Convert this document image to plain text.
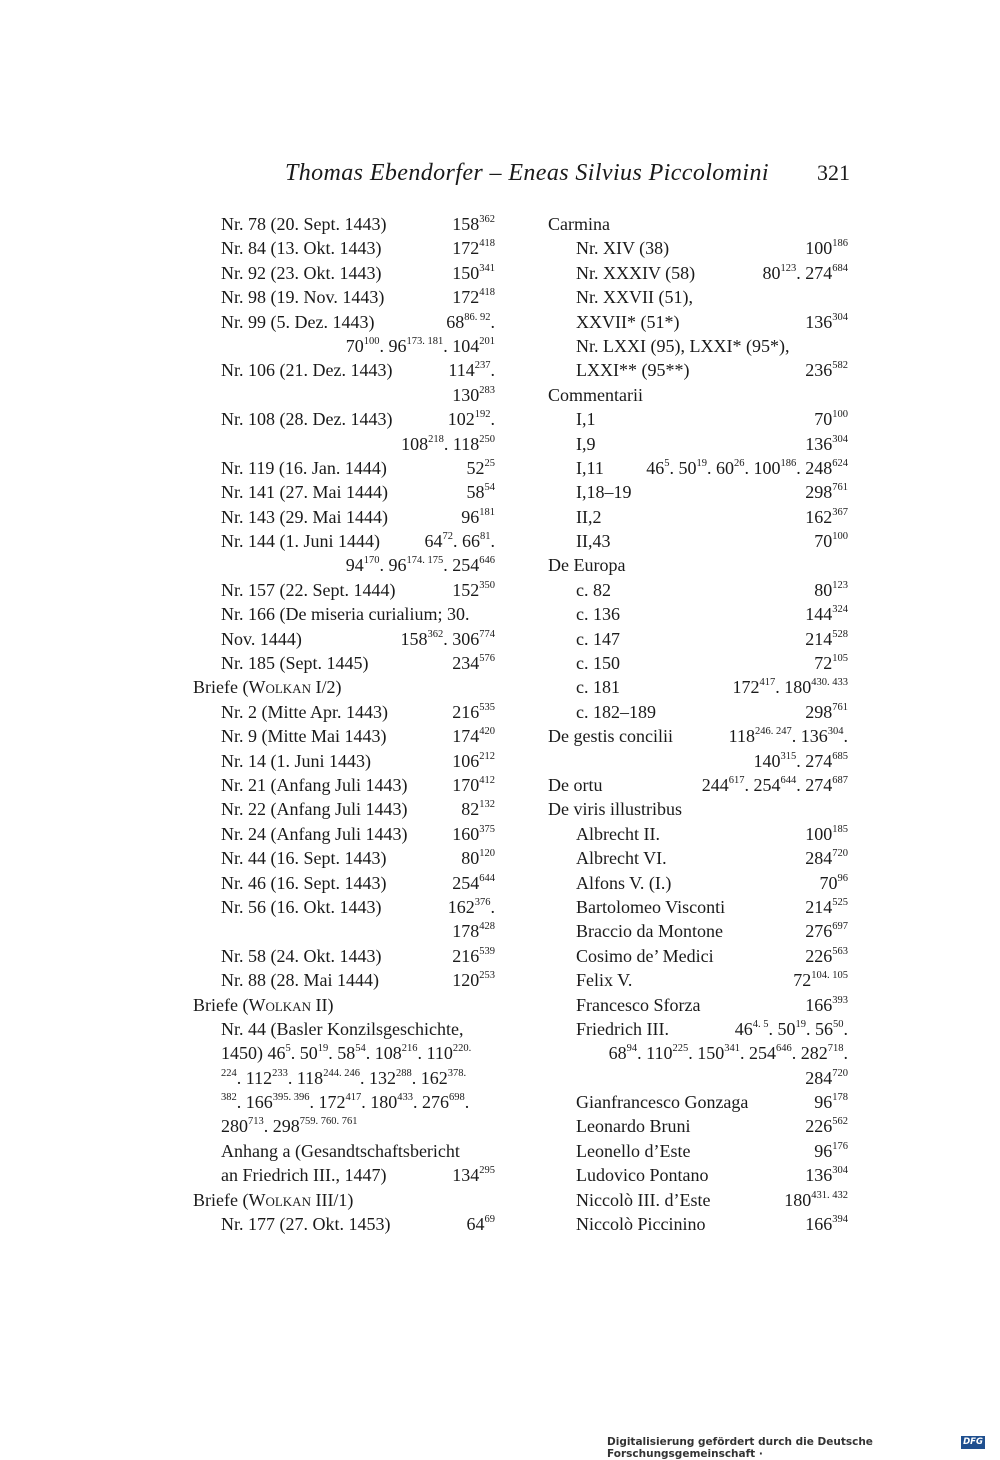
Thomas Ebendorfer – Eneas Silvius Piccolomini 321
Nr. 78 (20. Sept. 1443)	$158^{362}$
Nr. 84 (13. Okt. 1443)	$172^{418}$
Nr. 92 (23. Okt. 1443)	$150^{341}$
Nr. 98 (19. Nov. 1443)	$172^{418}$
Nr. 99 (5. Dez. 1443)	$68^{86. 92}$.
$70^{100}$. $96^{173. 181}$. $104^{201}$
Nr. 106 (21. Dez. 1443)	$114^{237}$.
$130^{283}$
Nr. 108 (28. Dez. 1443)	$102^{192}$.
$108^{218}$. $118^{250}$
Nr. 119 (16. Jan. 1444)	$52^{25}$
Nr. 141 (27. Mai 1444)	$58^{54}$
Nr. 143 (29. Mai 1444)	$96^{181}$
Nr. 144 (1. Juni 1444) $64^{72}$. $66^{81}$.
$94^{170}$. $96^{174. 175}$. $254^{646}$
Nr. 157 (22. Sept. 1444)	$152^{350}$
Nr. 166 (De miseria curialium; 30.
Nov. 1444)	$158^{362}$. $306^{774}$
Nr. 185 (Sept. 1445)	$234^{576}$
Briefe (Wolkan I/2)
Nr. 2 (Mitte Apr. 1443)	$216^{535}$
Nr. 9 (Mitte Mai 1443)	$174^{420}$
Nr. 14 (1. Juni 1443)	$106^{212}$
Nr. 21 (Anfang Juli 1443) $170^{412}$
Nr. 22 (Anfang Juli 1443)	$82^{132}$
Nr. 24 (Anfang Juli 1443) $160^{375}$
Nr. 44 (16. Sept. 1443)	$80^{120}$
Nr. 46 (16. Sept. 1443)	$254^{644}$
Nr. 56 (16. Okt. 1443)	$162^{376}$.
$178^{428}$
Nr. 58 (24. Okt. 1443)	$216^{539}$
Nr. 88 (28. Mai 1444)	$120^{253}$
Briefe (Wolkan II)
Nr. 44 (Basler Konzilsgeschichte,
1450) $46^5$. $50^{19}$. $58^{54}$. $108^{216}$. $110^{220.}$
$^{224}$. $112^{233}$. $118^{244. 246}$. $132^{288}$. $162^{378.}$
$^{382}$. $166^{395. 396}$. $172^{417}$. $180^{433}$. $276^{698}$.
$280^{713}$. $298^{759. 760. 761}$
Anhang a (Gesandtschaftsbericht
an Friedrich III., 1447)	$134^{295}$
Briefe (Wolkan III/1)
Nr. 177 (27. Okt. 1453)	$64^{69}$
Carmina
Nr. XIV (38)	$100^{186}$
Nr. XXXIV (58)	$80^{123}$. $274^{684}$
Nr. XXVII (51),
XXVII* (51*)	$136^{304}$
Nr. LXXI (95), LXXI* (95*),
LXXI** (95**)	$236^{582}$
Commentarii
I,1	$70^{100}$
I,9	$136^{304}$
I,11 $46^5$. $50^{19}$. $60^{26}$. $100^{186}$. $248^{624}$
I,18–19	$298^{761}$
II,2	$162^{367}$
II,43	$70^{100}$
De Europa
c. 82	$80^{123}$
c. 136	$144^{324}$
c. 147	$214^{528}$
c. 150	$72^{105}$
c. 181	$172^{417}$. $180^{430. 433}$
c. 182–189	$298^{761}$
De gestis concilii	$118^{246. 247}$. $136^{304}$.
$140^{315}$. $274^{685}$
De ortu	$244^{617}$. $254^{644}$. $274^{687}$
De viris illustribus
Albrecht II.	$100^{185}$
Albrecht VI.	$284^{720}$
Alfons V. (I.)	$70^{96}$
Bartolomeo Visconti	$214^{525}$
Braccio da Montone	$276^{697}$
Cosimo de’ Medici	$226^{563}$
Felix V.	$72^{104. 105}$
Francesco Sforza	$166^{393}$
Friedrich III.	$46^{4. 5}$. $50^{19}$. $56^{50}$.
$68^{94}$. $110^{225}$. $150^{341}$. $254^{646}$. $282^{718}$.
$284^{720}$
Gianfrancesco Gonzaga	$96^{178}$
Leonardo Bruni	$226^{562}$
Leonello d’Este	$96^{176}$
Ludovico Pontano	$136^{304}$
Niccolò III. d’Este	$180^{431. 432}$
Niccolò Piccinino	$166^{394}$
Digitalisierung gefördert durch die Deutsche Forschungsgemeinschaft ·
DFG
